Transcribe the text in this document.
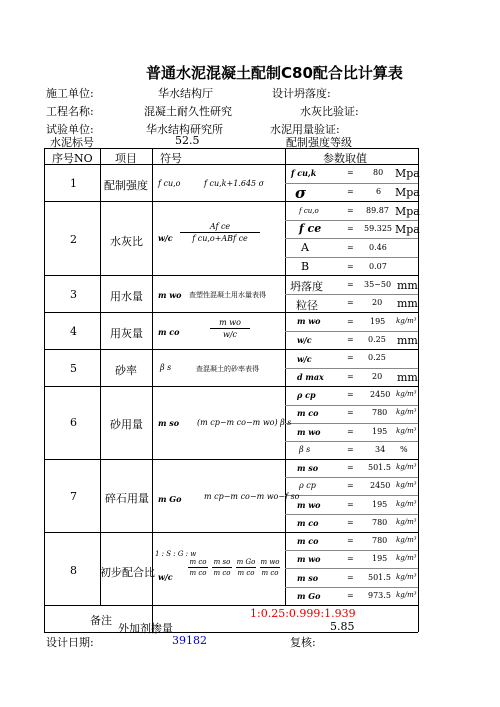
普通水泥混凝土配制C80配合比计算表
施工单位:	华水结构厅	设计坍落度:
工程名称:	混凝土耐久性研究	水灰比验证:
试验单位:	华水结构研究所	水泥用量验证:
水泥标号	52.5	配制强度等级
序号NO 项目 符号	参数取值
1 配制强度 f cu,o	f cu,k+1.645 σ
f cu,k	= 80 Mpa
σ	=	6 Mpa
2	水灰比 w/c
Af ce
f cu,o+ABf ce
f cu,o	= 89.87 Mpa
f ce	= 59.325 Mpa
A	= 0.46
B	= 0.07
3	用水量 m wo 查塑性混凝土用水量表得
坍落度	= 35~50 mm
粒径	= 20 mm
4	用灰量 m co
m wo
w/c
m wo	= 195 kg/m³
w/c	= 0.25 mm
5	砂率	β s	查混凝土的砂率表得
w/c	= 0.25
d max	= 20 mm
6	砂用量 m so (m cp−m co−m wo) β s
ρ cp	= 2450 kg/m³
m co	= 780 kg/m³
m wo	= 195 kg/m³
β s	=	34 %
7	碎石用量 m Go	m cp−m co−m wo−f so
m so	= 501.5 kg/m³
ρ cp	= 2450 kg/m³
m wo	= 195 kg/m³
m co	= 780 kg/m³
8 初步配合比
1 : S : G : w
w/c
m co
m co
m so
m co
m Go
m co
m wo
m co
m co	= 780 kg/m³
m wo	= 195 kg/m³
m so	= 501.5 kg/m³
m Go	= 973.5 kg/m³
备注
1:0.25:0.999:1.939
外加剂掺量	5.85
设计日期:	39182	复核:
